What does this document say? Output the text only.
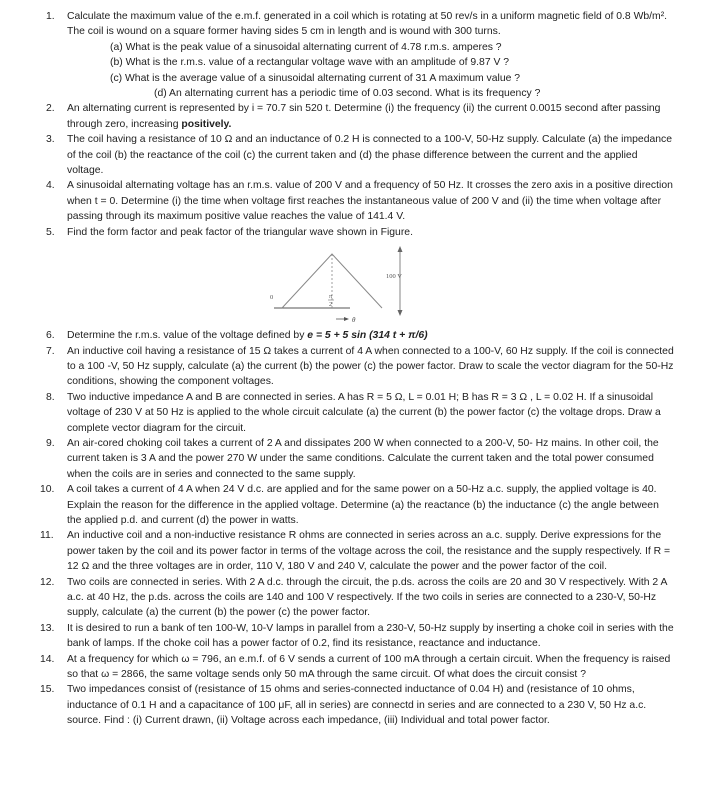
1. Calculate the maximum value of the e.m.f. generated in a coil which is rotating at 50 rev/s in a uniform magnetic field of 0.8 Wb/m². The coil is wound on a square former having sides 5 cm in length and is wound with 300 turns.
(a) What is the peak value of a sinusoidal alternating current of 4.78 r.m.s. amperes ?
(b) What is the r.m.s. value of a rectangular voltage wave with an amplitude of 9.87 V ?
(c) What is the average value of a sinusoidal alternating current of 31 A maximum value ?
(d) An alternating current has a periodic time of 0.03 second. What is its frequency ?
2. An alternating current is represented by i = 70.7 sin 520 t. Determine (i) the frequency (ii) the current 0.0015 second after passing through zero, increasing positively.
3. The coil having a resistance of 10 Ω and an inductance of 0.2 H is connected to a 100-V, 50-Hz supply. Calculate (a) the impedance of the coil (b) the reactance of the coil (c) the current taken and (d) the phase difference between the current and the applied voltage.
4. A sinusoidal alternating voltage has an r.m.s. value of 200 V and a frequency of 50 Hz. It crosses the zero axis in a positive direction when t = 0. Determine (i) the time when voltage first reaches the instantaneous value of 200 V and (ii) the time when voltage after passing through its maximum positive value reaches the value of 141.4 V.
5. Find the form factor and peak factor of the triangular wave shown in Figure.
100 V
0	π
2
θ
6. Determine the r.m.s. value of the voltage defined by e = 5 + 5 sin (314 t + π/6)
7. An inductive coil having a resistance of 15 Ω takes a current of 4 A when connected to a 100-V, 60 Hz supply. If the coil is connected to a 100 -V, 50 Hz supply, calculate (a) the current (b) the power (c) the power factor. Draw to scale the vector diagram for the 50-Hz conditions, showing the component voltages.
8. Two inductive impedance A and B are connected in series. A has R = 5 Ω, L = 0.01 H; B has R = 3 Ω , L = 0.02 H. If a sinusoidal voltage of 230 V at 50 Hz is applied to the whole circuit calculate (a) the current (b) the power factor (c) the voltage drops. Draw a complete vector diagram for the circuit.
9. An air-cored choking coil takes a current of 2 A and dissipates 200 W when connected to a 200-V, 50- Hz mains. In other coil, the current taken is 3 A and the power 270 W under the same conditions. Calculate the current taken and the total power consumed when the coils are in series and connected to the same supply.
10. A coil takes a current of 4 A when 24 V d.c. are applied and for the same power on a 50-Hz a.c. supply, the applied voltage is 40. Explain the reason for the difference in the applied voltage. Determine (a) the reactance (b) the inductance (c) the angle between the applied p.d. and current (d) the power in watts.
11. An inductive coil and a non-inductive resistance R ohms are connected in series across an a.c. supply. Derive expressions for the power taken by the coil and its power factor in terms of the voltage across the coil, the resistance and the supply respectively. If R = 12 Ω and the three voltages are in order, 110 V, 180 V and 240 V, calculate the power and the power factor of the coil.
12. Two coils are connected in series. With 2 A d.c. through the circuit, the p.ds. across the coils are 20 and 30 V respectively. With 2 A a.c. at 40 Hz, the p.ds. across the coils are 140 and 100 V respectively. If the two coils in series are connected to a 230-V, 50-Hz supply, calculate (a) the current (b) the power (c) the power factor.
13. It is desired to run a bank of ten 100-W, 10-V lamps in parallel from a 230-V, 50-Hz supply by inserting a choke coil in series with the bank of lamps. If the choke coil has a power factor of 0.2, find its resistance, reactance and inductance.
14. At a frequency for which ω = 796, an e.m.f. of 6 V sends a current of 100 mA through a certain circuit. When the frequency is raised so that ω = 2866, the same voltage sends only 50 mA through the same circuit. Of what does the circuit consist ?
15. Two impedances consist of (resistance of 15 ohms and series-connected inductance of 0.04 H) and (resistance of 10 ohms, inductance of 0.1 H and a capacitance of 100 μF, all in series) are connectd in series and are connected to a 230 V, 50 Hz a.c. source. Find : (i) Current drawn, (ii) Voltage across each impedance, (iii) Individual and total power factor.
